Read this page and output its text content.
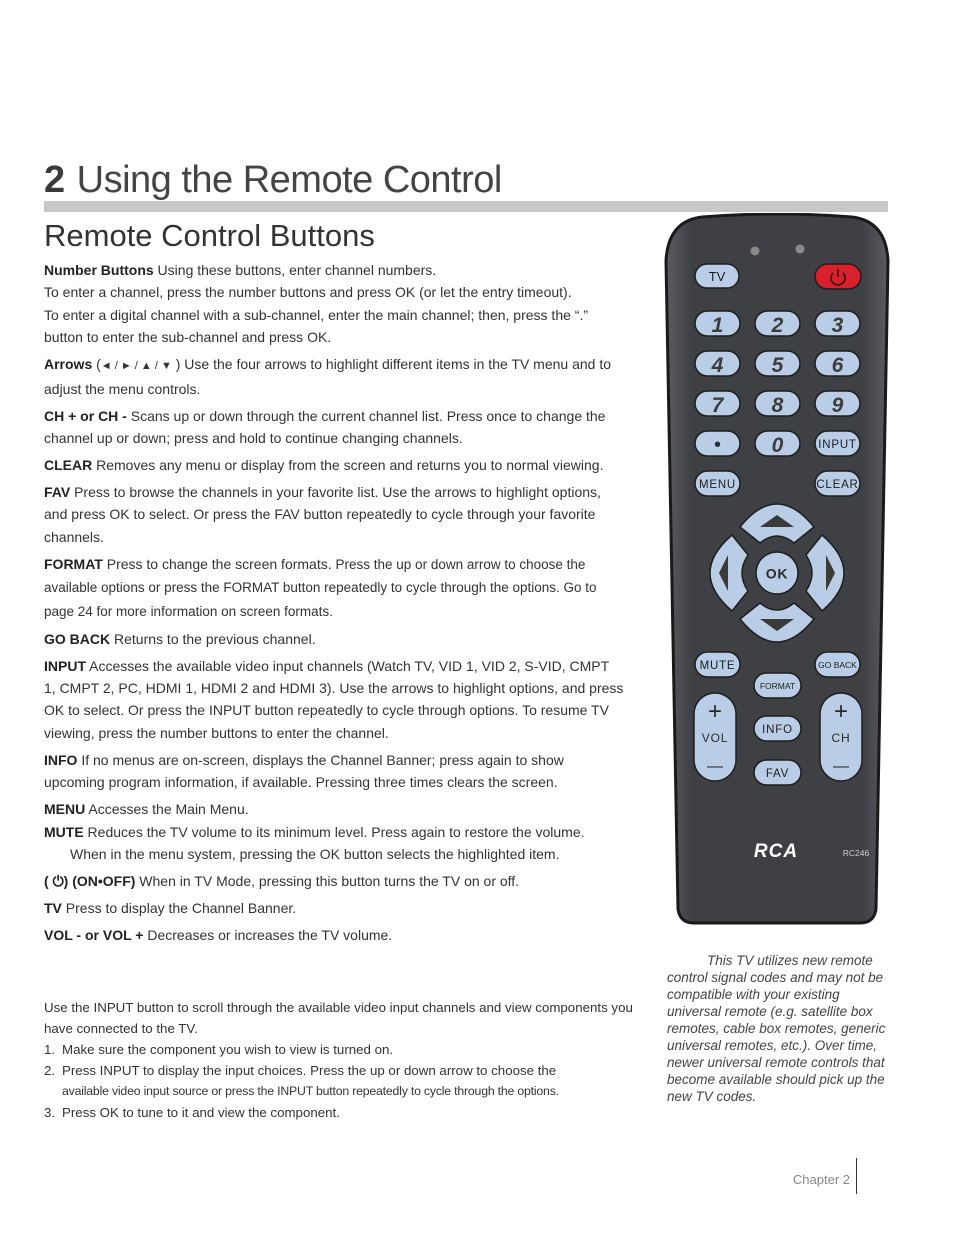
2 Using the Remote Control
Remote Control Buttons

Number Buttons Using these buttons, enter channel numbers.
To enter a channel, press the number buttons and press OK (or let the entry timeout).
To enter a digital channel with a sub-channel, enter the main channel; then, press the “.” button to enter the sub-channel and press OK.

Arrows (◄ / ► / ▲ / ▼ ) Use the four arrows to highlight different items in the TV menu and to adjust the menu controls.

CH + or CH - Scans up or down through the current channel list. Press once to change the channel up or down; press and hold to continue changing channels.

CLEAR Removes any menu or display from the screen and returns you to normal viewing.

FAV Press to browse the channels in your favorite list. Use the arrows to highlight options, and press OK to select. Or press the FAV button repeatedly to cycle through your favorite channels.

FORMAT Press to change the screen formats. Press the up or down arrow to choose the available options or press the FORMAT button repeatedly to cycle through the options. Go to page 24 for more information on screen formats.

GO BACK Returns to the previous channel.

INPUT Accesses the available video input channels (Watch TV, VID 1, VID 2, S-VID, CMPT 1, CMPT 2, PC, HDMI 1, HDMI 2 and HDMI 3). Use the arrows to highlight options, and press OK to select. Or press the INPUT button repeatedly to cycle through options. To resume TV viewing, press the number buttons to enter the channel.

INFO If no menus are on-screen, displays the Channel Banner; press again to show upcoming program information, if available. Pressing three times clears the screen.

MENU Accesses the Main Menu.

MUTE Reduces the TV volume to its minimum level. Press again to restore the volume.

When in the menu system, pressing the OK button selects the highlighted item.

( ⏻) (ON•OFF) When in TV Mode, pressing this button turns the TV on or off.

TV Press to display the Channel Banner.

VOL - or VOL + Decreases or increases the TV volume.

Use the INPUT button to scroll through the available video input channels and view components you have connected to the TV.

1. Make sure the component you wish to view is turned on.
2. Press INPUT to display the input choices. Press the up or down arrow to choose the
available video input source or press the INPUT button repeatedly to cycle through the options.
3. Press OK to tune to it and view the component.
This TV utilizes new remote
control signal codes and may not be compatible with your existing universal remote (e.g. satellite box remotes, cable box remotes, generic universal remotes, etc.). Over time, newer universal remote controls that become available should pick up the new TV codes.
TV
1 2 3
4 5 6
7 8 9
• 0	INPUT
MENU	CLEAR
OK
MUTE	GO BACK
FORMAT
+
VOL
—
+
CH
—
INFO
FAV
RCA	RC246
Chapter 2
